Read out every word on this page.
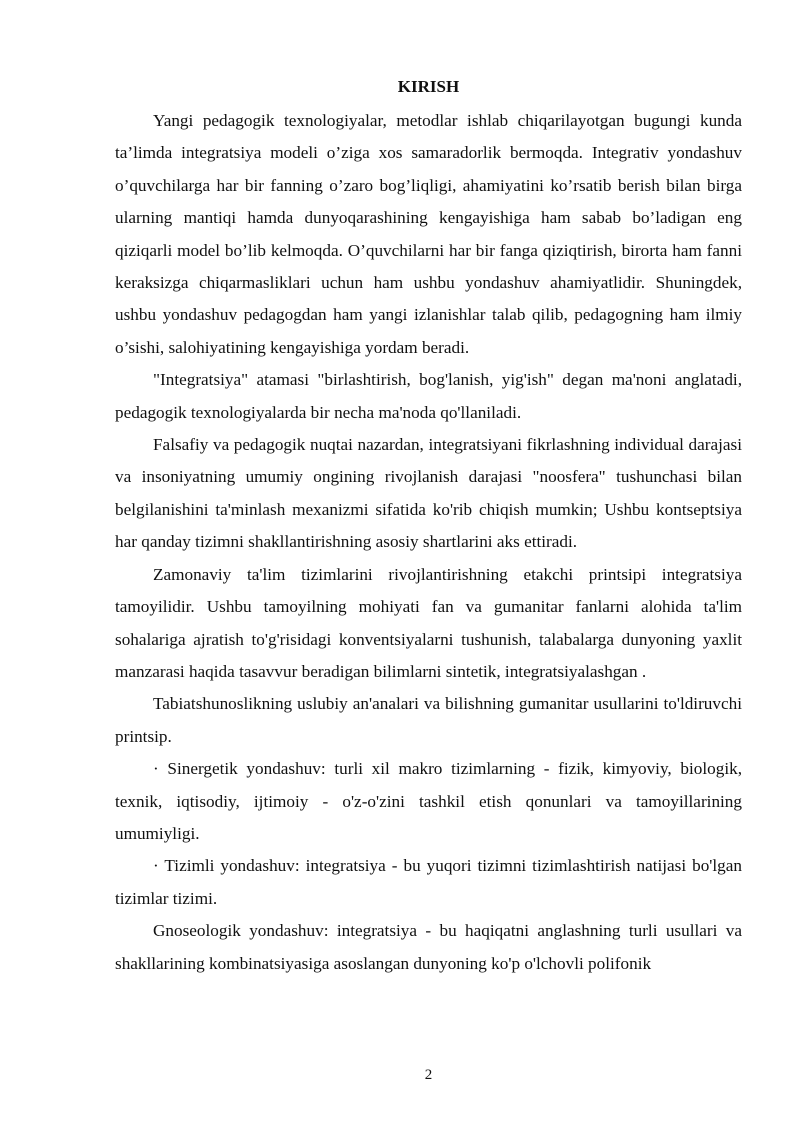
KIRISH

Yangi pedagogik texnologiyalar, metodlar ishlab chiqarilayotgan bugungi kunda ta’limda integratsiya modeli o’ziga xos samaradorlik bermoqda. Integrativ yondashuv o’quvchilarga har bir fanning o’zaro bog’liqligi, ahamiyatini ko’rsatib berish bilan birga ularning mantiqi hamda dunyoqarashining kengayishiga ham sabab bo’ladigan eng qiziqarli model bo’lib kelmoqda. O’quvchilarni har bir fanga qiziqtirish, birorta ham fanni keraksizga chiqarmasliklari uchun ham ushbu yondashuv ahamiyatlidir. Shuningdek, ushbu yondashuv pedagogdan ham yangi izlanishlar talab qilib, pedagogning ham ilmiy o’sishi, salohiyatining kengayishiga yordam beradi.

"Integratsiya" atamasi "birlashtirish, bog'lanish, yig'ish" degan ma'noni anglatadi, pedagogik texnologiyalarda bir necha ma'noda qo'llaniladi.

Falsafiy va pedagogik nuqtai nazardan, integratsiyani fikrlashning individual darajasi va insoniyatning umumiy ongining rivojlanish darajasi "noosfera" tushunchasi bilan belgilanishini ta'minlash mexanizmi sifatida ko'rib chiqish mumkin; Ushbu kontseptsiya har qanday tizimni shakllantirishning asosiy shartlarini aks ettiradi.

Zamonaviy ta'lim tizimlarini rivojlantirishning etakchi printsipi integratsiya tamoyilidir. Ushbu tamoyilning mohiyati fan va gumanitar fanlarni alohida ta'lim sohalariga ajratish to'g'risidagi konventsiyalarni tushunish, talabalarga dunyoning yaxlit manzarasi haqida tasavvur beradigan bilimlarni sintetik, integratsiyalashgan .

Tabiatshunoslikning uslubiy an'analari va bilishning gumanitar usullarini to'ldiruvchi printsip.

· Sinergetik yondashuv: turli xil makro tizimlarning - fizik, kimyoviy, biologik, texnik, iqtisodiy, ijtimoiy - o'z-o'zini tashkil etish qonunlari va tamoyillarining umumiyligi.

· Tizimli yondashuv: integratsiya - bu yuqori tizimni tizimlashtirish natijasi bo'lgan tizimlar tizimi.

Gnoseologik yondashuv: integratsiya - bu haqiqatni anglashning turli usullari va shakllarining kombinatsiyasiga asoslangan dunyoning ko'p o'lchovli polifonik

2
